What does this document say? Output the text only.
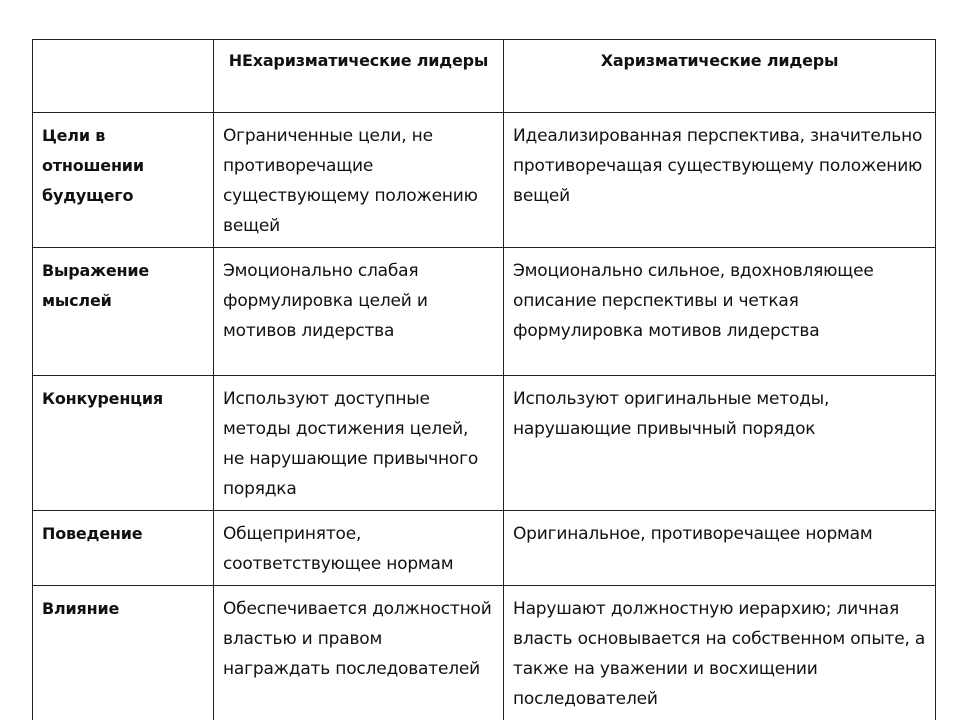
	НЕхаризматические лидеры	Харизматические лидеры
Цели в отношении будущего	Ограниченные цели, не противоречащие существующему положению вещей	Идеализированная перспектива, значительно противоречащая существующему положению вещей
Выражение мыслей	Эмоционально слабая формулировка целей и мотивов лидерства	Эмоционально сильное, вдохновляющее описание перспективы и четкая формулировка мотивов лидерства
Конкуренция	Используют доступные методы достижения целей, не нарушающие привычного порядка	Используют оригинальные методы, нарушающие привычный порядок
Поведение	Общепринятое, соответствующее нормам	Оригинальное, противоречащее нормам
Влияние	Обеспечивается должностной властью и правом награждать последователей	Нарушают должностную иерархию; личная власть основывается на собственном опыте, а также на уважении и восхищении последователей
